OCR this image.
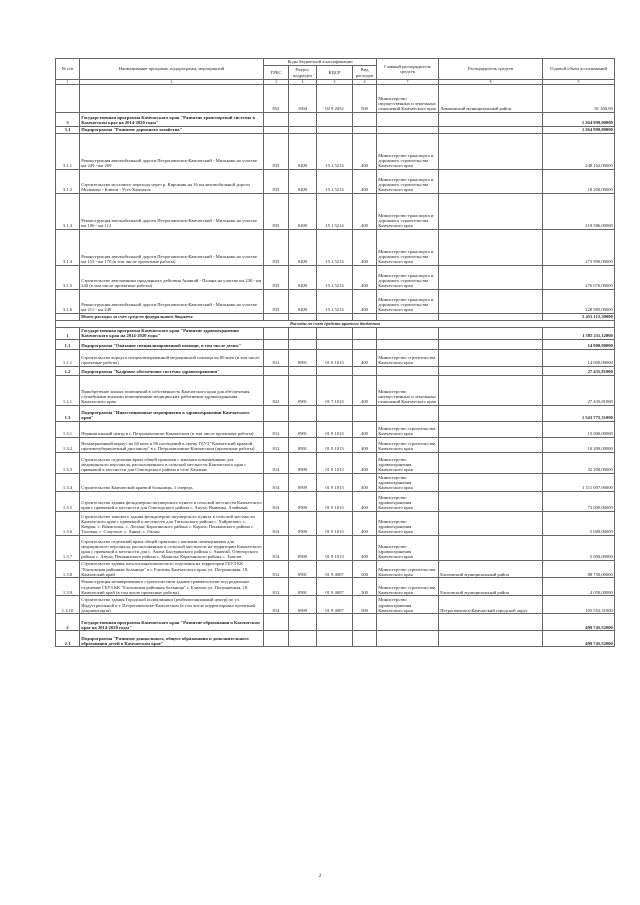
№ п/п	Наименование программ, подпрограмм, мероприятий	Коды бюджетной классификации				Главный распорядитель средств	Распорядитель средств	Годовой объем ассигнований
		ГРБС	Раздел, подраздел	КЦСР	Вид расходов			
1	2	3	4	5	6	7	8	9
		852	1004	04 9 2052	500	Министерство имущественных и земельных отношений Камчатского края	Лимпинский муниципальный район	81 300,00
3	Государственная программа Камчатского края "Развитие транспортной системы в Камчатском крае на 2014-2020 годы"							1 264 999,00000
3.1	Подпрограмма "Развитие дорожного хозяйства"							1 264 999,00000
3.1.1	Реконструкция автомобильной дороги Петропавловск-Камчатский - Мильково на участке км 249 - км 269	835	0409	15 1 5214	400	Министерство транспорта и дорожного строительства Камчатского края		248 162,00000
3.1.2	Строительство мостового перехода через р. Кирганик на 16 км автомобильной дороги Мильково - Ключи - Усть-Камчатск	835	0409	15 1 5214	400	Министерство транспорта и дорожного строительства Камчатского края		18 200,00000
3.1.3	Реконструкция автомобильной дороги Петропавловск-Камчатский - Мильково на участке км 106 - км 112	835	0409	15 1 5214	400	Министерство транспорта и дорожного строительства Камчатского края		219 586,00000
3.1.4	Реконструкция автомобильной дороги Петропавловск-Камчатский - Мильково на участке км 152 - км 170 (в том числе проектные работы)	835	0409	15 1 5214	400	Министерство транспорта и дорожного строительства Камчатского края		273 990,00000
3.1.5	Строительство автозимника продленного действия Анавгай - Палана на участке км 230 - км 240 (в том числе проектные работы)	835	0409	15 1 5214	400	Министерство транспорта и дорожного строительства Камчатского края		276 076,00000
3.1.6	Реконструкция автомобильной дороги Петропавловск-Камчатский - Мильково на участке км 211 - км 249	835	0409	15 1 5214	400	Министерство транспорта и дорожного строительства Камчатского края		228 985,00000
	Итого расходы за счет средств федерального бюджета							2 453 115,30000
Расходы за счет средств краевого бюджета								
1	Государственная программа Камчатского края "Развитие здравоохранения Камчатского края на 2014-2020 годы"							1 585 211,12000
1.1	Подпрограмма "Оказание специализированной помощи, в том числе детям"							14 000,00000
1.1.1	Строительство корпуса специализированной медицинской помощи на 80 коек (в том числе проектные работы)	812	0901	01 6 1013	400	Министерство строительства Камчатского края		14 000,00000
1.2	Подпрограмма "Кадровое обеспечение системы здравоохранения"							27 435,81000
1.2.1	Приобретение жилых помещений в собственность Камчатского края для обеспечения служебными жилыми помещениями медицинских работников здравоохранения Камчатского края	822	0901	01 7 1013	400	Министерство имущественных и земельных отношений Камчатского края		27 435,81000
1.3	Подпрограмма "Инвестиционные мероприятия в здравоохранении Камчатского края"							1 543 775,31000
1.3.1	Перинатальный центр в г. Петропавловске-Камчатском (в том числе проектные работы)	812	0901	01 9 1013	400	Министерство строительства Камчатского края		15 000,00000
1.3.2	Незавершенный корпус на 60 коек и 80 посещений в смену ГБУЗ "Камчатский краевой противотуберкулезный диспансер" в г. Петропавловске-Камчатском (проектные работы)	812	0901	01 9 1013	400	Министерство строительства Камчатского края		10 200,00000
1.3.3	Строительство отделения врача общей практики с жилыми помещениями для медицинского персонала, расположенного в сельской местности Камчатского края с привязкой к местности для Олюторского района в селе Хаилино	814	0909	01 9 1013	400	Министерство здравоохранения Камчатского края		32 208,00000
1.3.4	Строительство Камчатской краевой больницы, 1 очередь	814	0909	01 9 1013	400	Министерство здравоохранения Камчатского края		1 311 007,90000
1.3.5	Строительство здания фельдшерско-акушерского пункта в сельской местности Камчатского края с привязкой к местности для Олюторского района с. Апука, Вывенка, Ачайваям	814	0909	01 9 1013	400	Министерство здравоохранения Камчатского края		73 090,00000
1.3.6	Строительство типового здания фельдшерско-акушерского пункта в сельской местности Камчатского края с привязкой к местности для Тигильского района с. Хайрюзово, с. Ковран, с. Воямполка, с. Лесная; Карагинского района с. Карага; Пенжинского района с. Таловка, с. Слаутное, с. Аянка, с. Оклан	814	0909	01 9 1013	400	Министерство здравоохранения Камчатского края		5 000,00000
1.3.7	Строительство отделений врача общей практики с жилыми помещениями для медицинского персонала, расположенных в сельской местности на территории Камчатского края с привязкой к местности для с. Апача Быстринского района с. Анавгай, Олюторского района с. Апука, Пенжинского района с. Манилы, Карагинского района с. Тымлат	814	0909	01 9 1013	400	Министерство здравоохранения Камчатского края		5 000,00000
1.3.8	Строительство здания патологоанатомического отделения на территории ГБУЗ КК "Елизовская районная больница" в г. Елизово Камчатского края, ул. Пограничная, 18, Камчатский край	812	0901	01 9 4007	500	Министерство строительства Камчатского края	Елизовский муниципальный район	88 750,00000
1.3.9	Реконструкция незавершенного строительством здания травматологии под родильное отделение ГБУЗ КК "Елизовская районная больница" г. Елизово ул. Пограничная, 18, Камчатский край (в том числе проектные работы)	812	0901	01 9 4007	500	Министерство строительства Камчатского края	Елизовский муниципальный район	4 059,00000
1.3.10	Строительство здания Городской поликлиники (реабилитационный центр) по ул. Индустриальной в г. Петропавловске-Камчатском (в том числе корректировка проектной документации)	814	0909	01 9 4007	500	Министерство здравоохранения Камчатского края	Петропавловск-Камчатский городской округ	105 552,31000
2	Государственная программа Камчатского края "Развитие образования в Камчатском крае на 2014-2020 годы"							499 745,52000
2.1	Подпрограмма "Развитие дошкольного, общего образования и дополнительного образования детей в Камчатском крае"							499 745,52000
2
